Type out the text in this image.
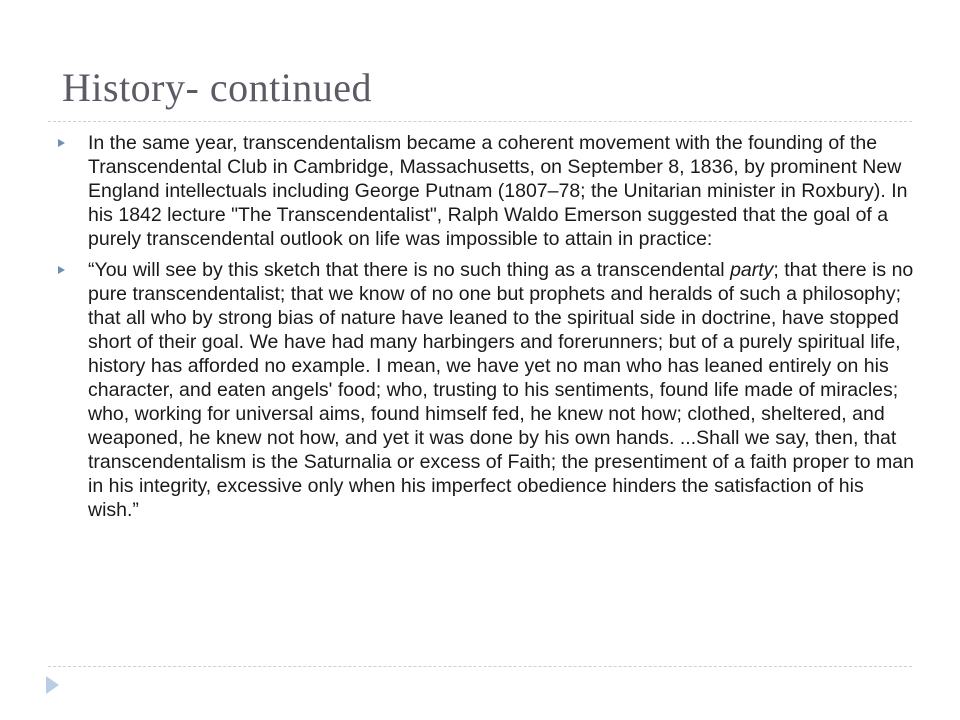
History- continued
In the same year, transcendentalism became a coherent movement with the founding of the Transcendental Club in Cambridge, Massachusetts, on September 8, 1836, by prominent New England intellectuals including George Putnam (1807–78; the Unitarian minister in Roxbury). In his 1842 lecture "The Transcendentalist", Ralph Waldo Emerson suggested that the goal of a purely transcendental outlook on life was impossible to attain in practice:
“You will see by this sketch that there is no such thing as a transcendental party; that there is no pure transcendentalist; that we know of no one but prophets and heralds of such a philosophy; that all who by strong bias of nature have leaned to the spiritual side in doctrine, have stopped short of their goal. We have had many harbingers and forerunners; but of a purely spiritual life, history has afforded no example. I mean, we have yet no man who has leaned entirely on his character, and eaten angels' food; who, trusting to his sentiments, found life made of miracles; who, working for universal aims, found himself fed, he knew not how; clothed, sheltered, and weaponed, he knew not how, and yet it was done by his own hands. ...Shall we say, then, that transcendentalism is the Saturnalia or excess of Faith; the presentiment of a faith proper to man in his integrity, excessive only when his imperfect obedience hinders the satisfaction of his wish.”
